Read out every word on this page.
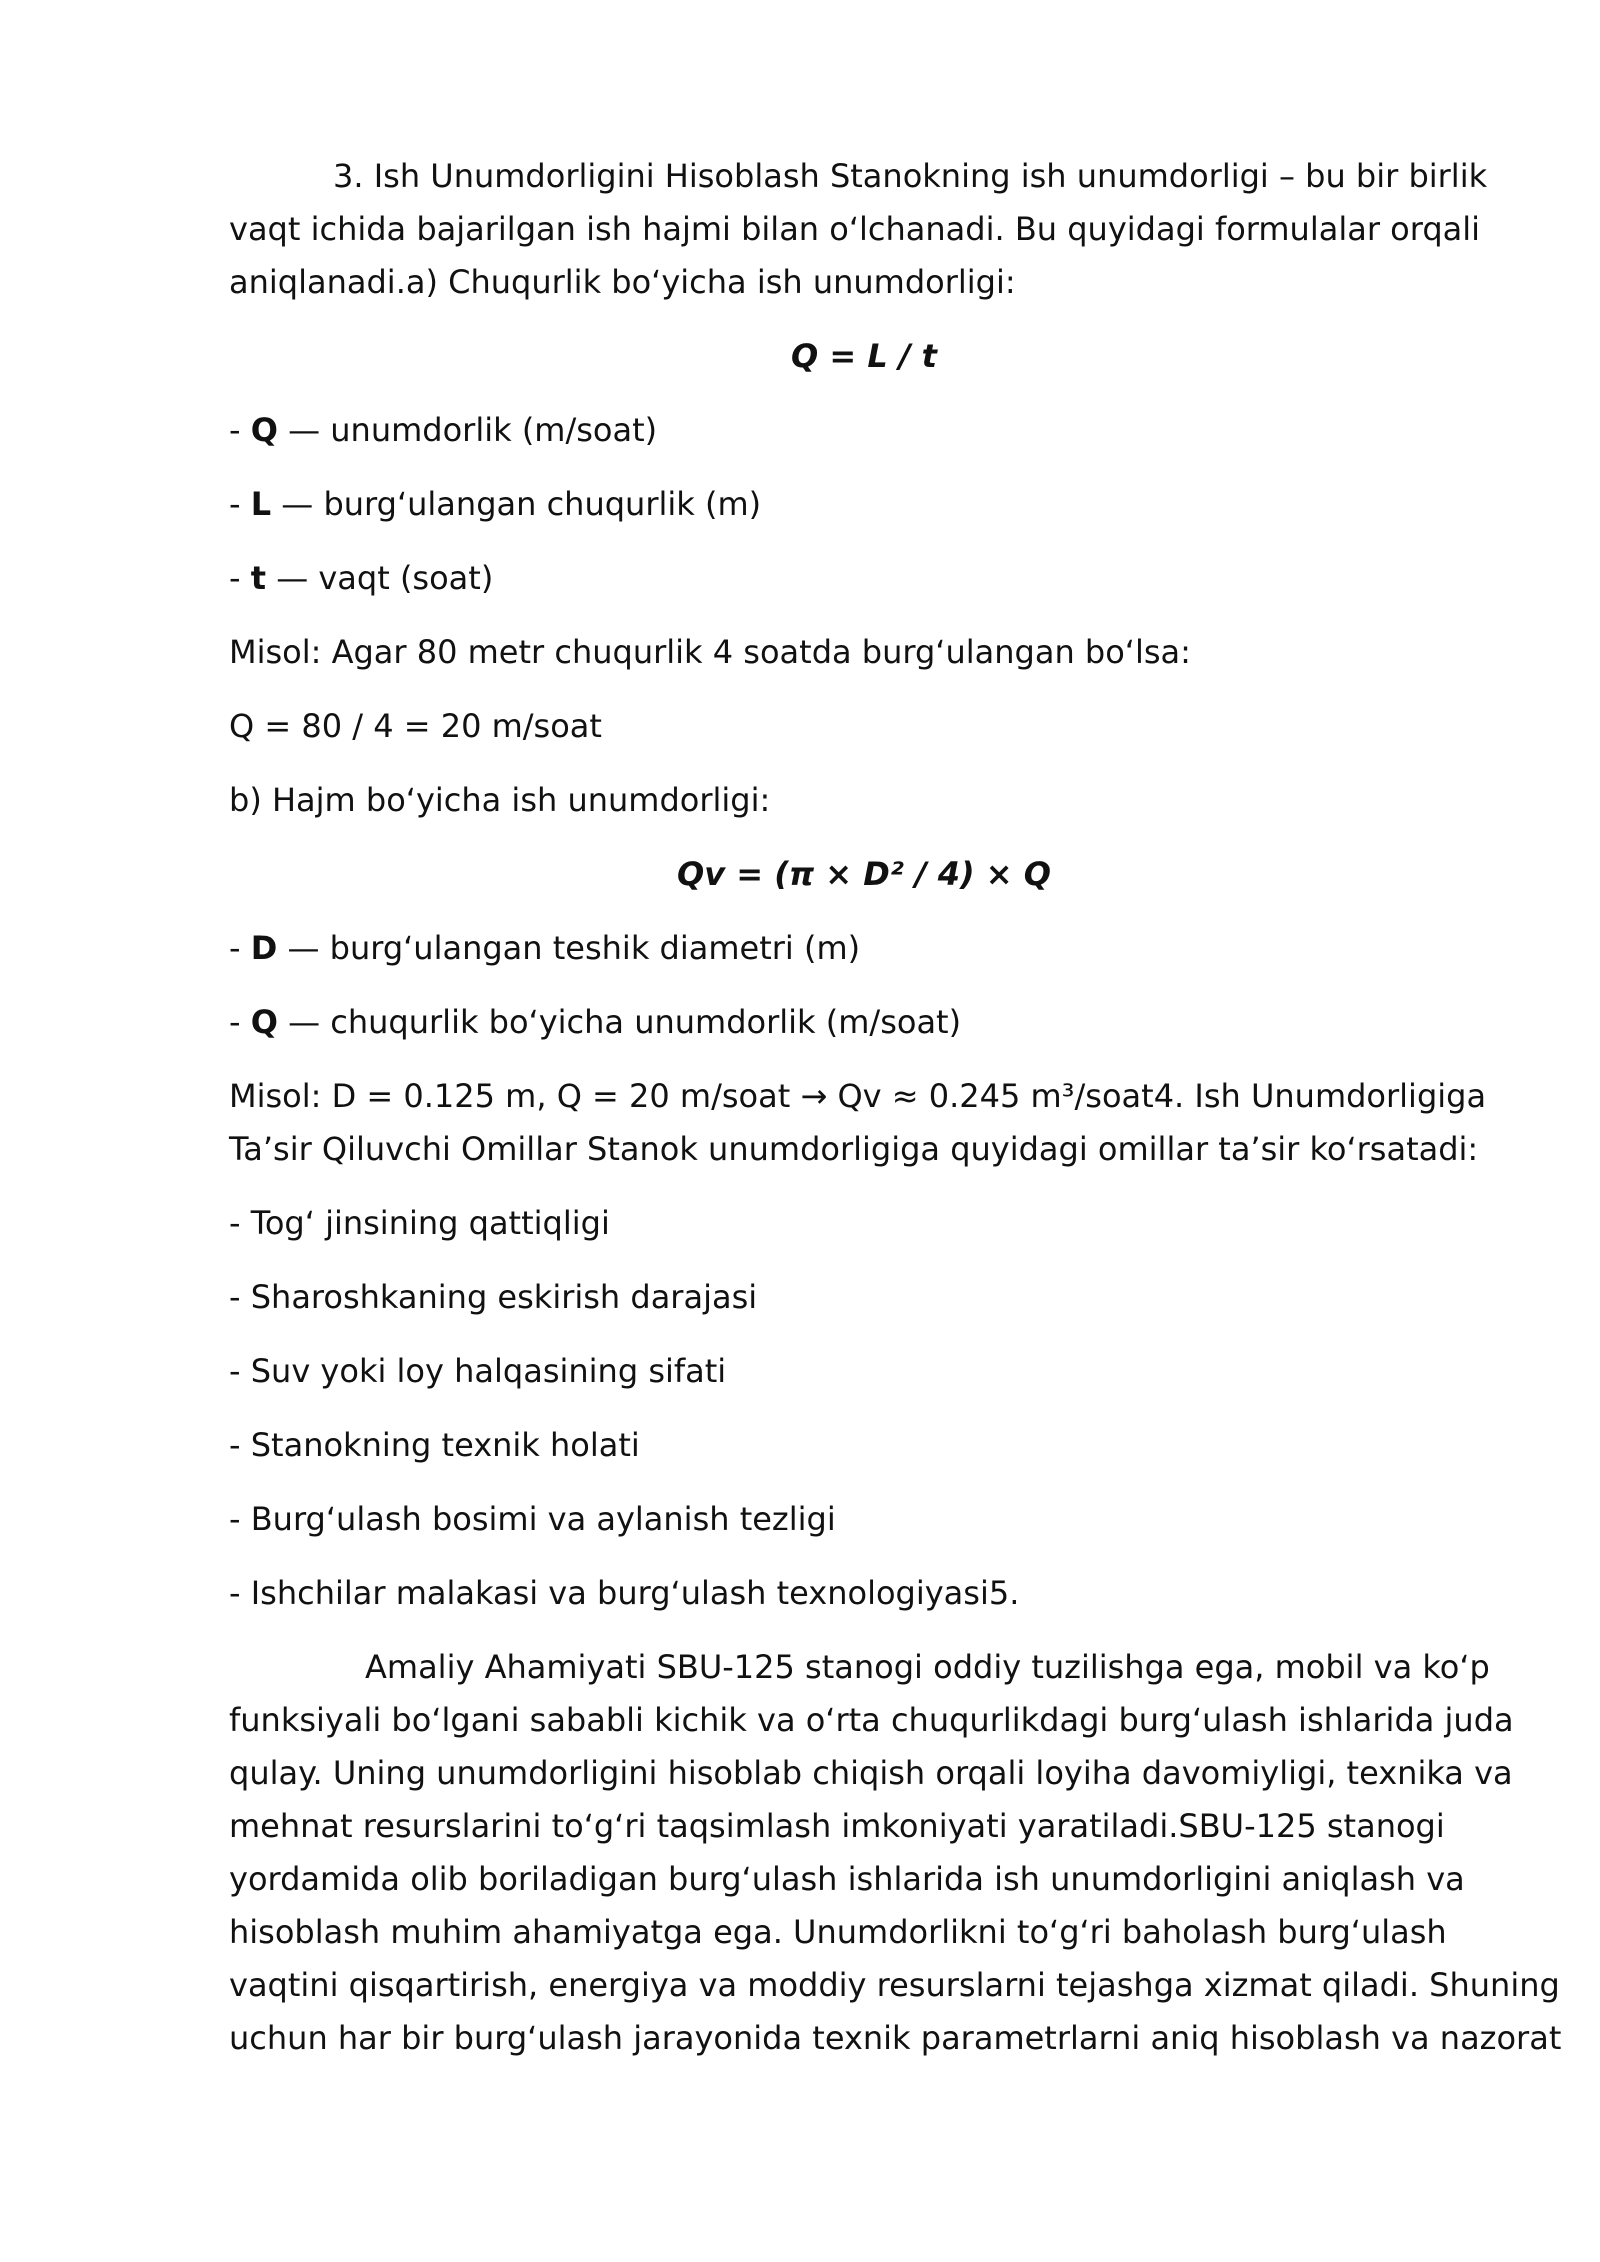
3. Ish Unumdorligini Hisoblash Stanokning ish unumdorligi – bu bir birlik

vaqt ichida bajarilgan ish hajmi bilan o‘lchanadi. Bu quyidagi formulalar orqali

aniqlanadi.a) Chuqurlik bo‘yicha ish unumdorligi:

Q = L / t

- Q — unumdorlik (m/soat)

- L — burg‘ulangan chuqurlik (m)

- t — vaqt (soat)

Misol: Agar 80 metr chuqurlik 4 soatda burg‘ulangan bo‘lsa:

Q = 80 / 4 = 20 m/soat

b) Hajm bo‘yicha ish unumdorligi:

Qv = (π × D² / 4) × Q

- D — burg‘ulangan teshik diametri (m)

- Q — chuqurlik bo‘yicha unumdorlik (m/soat)

Misol: D = 0.125 m, Q = 20 m/soat → Qv ≈ 0.245 m³/soat4. Ish Unumdorligiga

Ta’sir Qiluvchi Omillar Stanok unumdorligiga quyidagi omillar ta’sir ko‘rsatadi:

- Tog‘ jinsining qattiqligi

- Sharoshkaning eskirish darajasi

- Suv yoki loy halqasining sifati

- Stanokning texnik holati

- Burg‘ulash bosimi va aylanish tezligi

- Ishchilar malakasi va burg‘ulash texnologiyasi5.

Amaliy Ahamiyati SBU-125 stanogi oddiy tuzilishga ega, mobil va ko‘p

funksiyali bo‘lgani sababli kichik va o‘rta chuqurlikdagi burg‘ulash ishlarida juda

qulay. Uning unumdorligini hisoblab chiqish orqali loyiha davomiyligi, texnika va

mehnat resurslarini to‘g‘ri taqsimlash imkoniyati yaratiladi.SBU-125 stanogi

yordamida olib boriladigan burg‘ulash ishlarida ish unumdorligini aniqlash va

hisoblash muhim ahamiyatga ega. Unumdorlikni to‘g‘ri baholash burg‘ulash

vaqtini qisqartirish, energiya va moddiy resurslarni tejashga xizmat qiladi. Shuning

uchun har bir burg‘ulash jarayonida texnik parametrlarni aniq hisoblash va nazorat
